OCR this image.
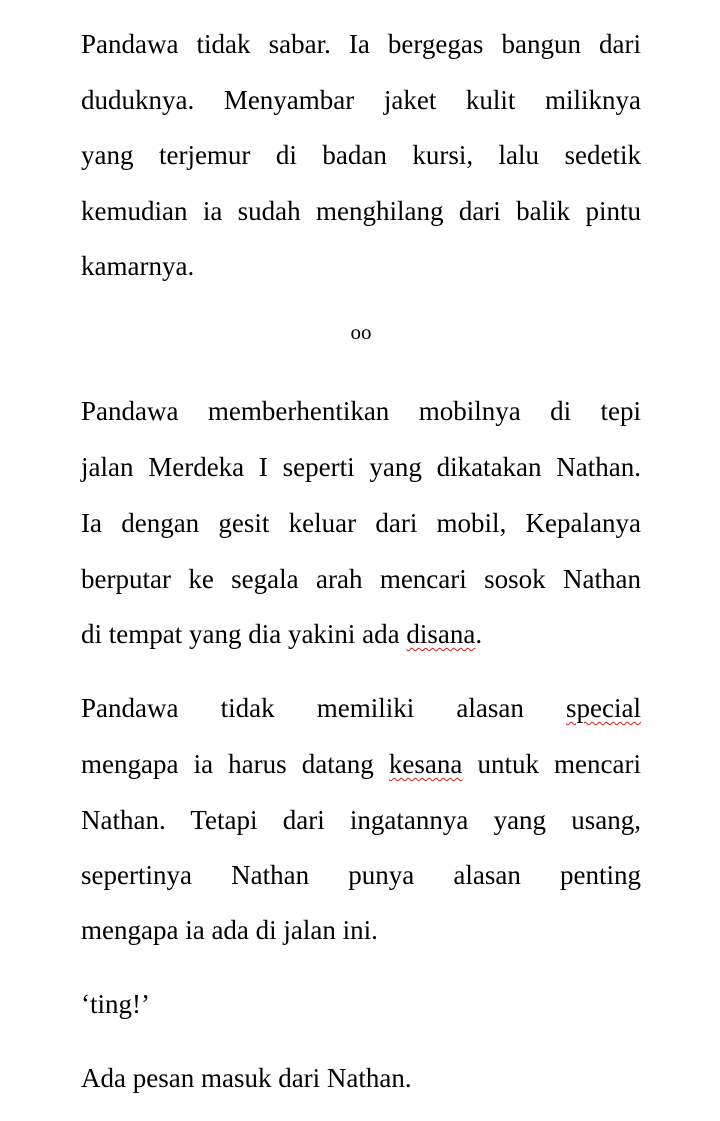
Pandawa tidak sabar. Ia bergegas bangun dari
duduknya. Menyambar jaket kulit miliknya
yang terjemur di badan kursi, lalu sedetik
kemudian ia sudah menghilang dari balik pintu
kamarnya.
oo
Pandawa memberhentikan mobilnya di tepi
jalan Merdeka I seperti yang dikatakan Nathan.
Ia dengan gesit keluar dari mobil, Kepalanya
berputar ke segala arah mencari sosok Nathan
di tempat yang dia yakini ada disana.
Pandawa tidak memiliki alasan special
mengapa ia harus datang kesana untuk mencari
Nathan. Tetapi dari ingatannya yang usang,
sepertinya Nathan punya alasan penting
mengapa ia ada di jalan ini.
‘ting!’
Ada pesan masuk dari Nathan.
